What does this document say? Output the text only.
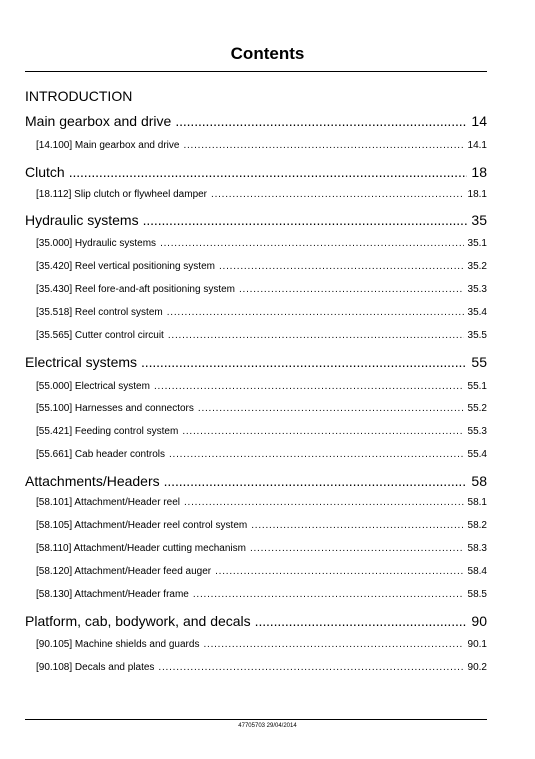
Contents
INTRODUCTION
Main gearbox and drive . . .	14
[14.100] Main gearbox and drive . . .	14.1
Clutch . . .	18
[18.112] Slip clutch or flywheel damper . . .	18.1
Hydraulic systems . . .	35
[35.000] Hydraulic systems . . .	35.1
[35.420] Reel vertical positioning system . . .	35.2
[35.430] Reel fore-and-aft positioning system . . .	35.3
[35.518] Reel control system . . .	35.4
[35.565] Cutter control circuit . . .	35.5
Electrical systems . . .	55
[55.000] Electrical system . . .	55.1
[55.100] Harnesses and connectors . . .	55.2
[55.421] Feeding control system . . .	55.3
[55.661] Cab header controls . . .	55.4
Attachments/Headers . . .	58
[58.101] Attachment/Header reel . . .	58.1
[58.105] Attachment/Header reel control system . . .	58.2
[58.110] Attachment/Header cutting mechanism . . .	58.3
[58.120] Attachment/Header feed auger . . .	58.4
[58.130] Attachment/Header frame . . .	58.5
Platform, cab, bodywork, and decals . . .	90
[90.105] Machine shields and guards . . .	90.1
[90.108] Decals and plates . . .	90.2
47705703 29/04/2014
